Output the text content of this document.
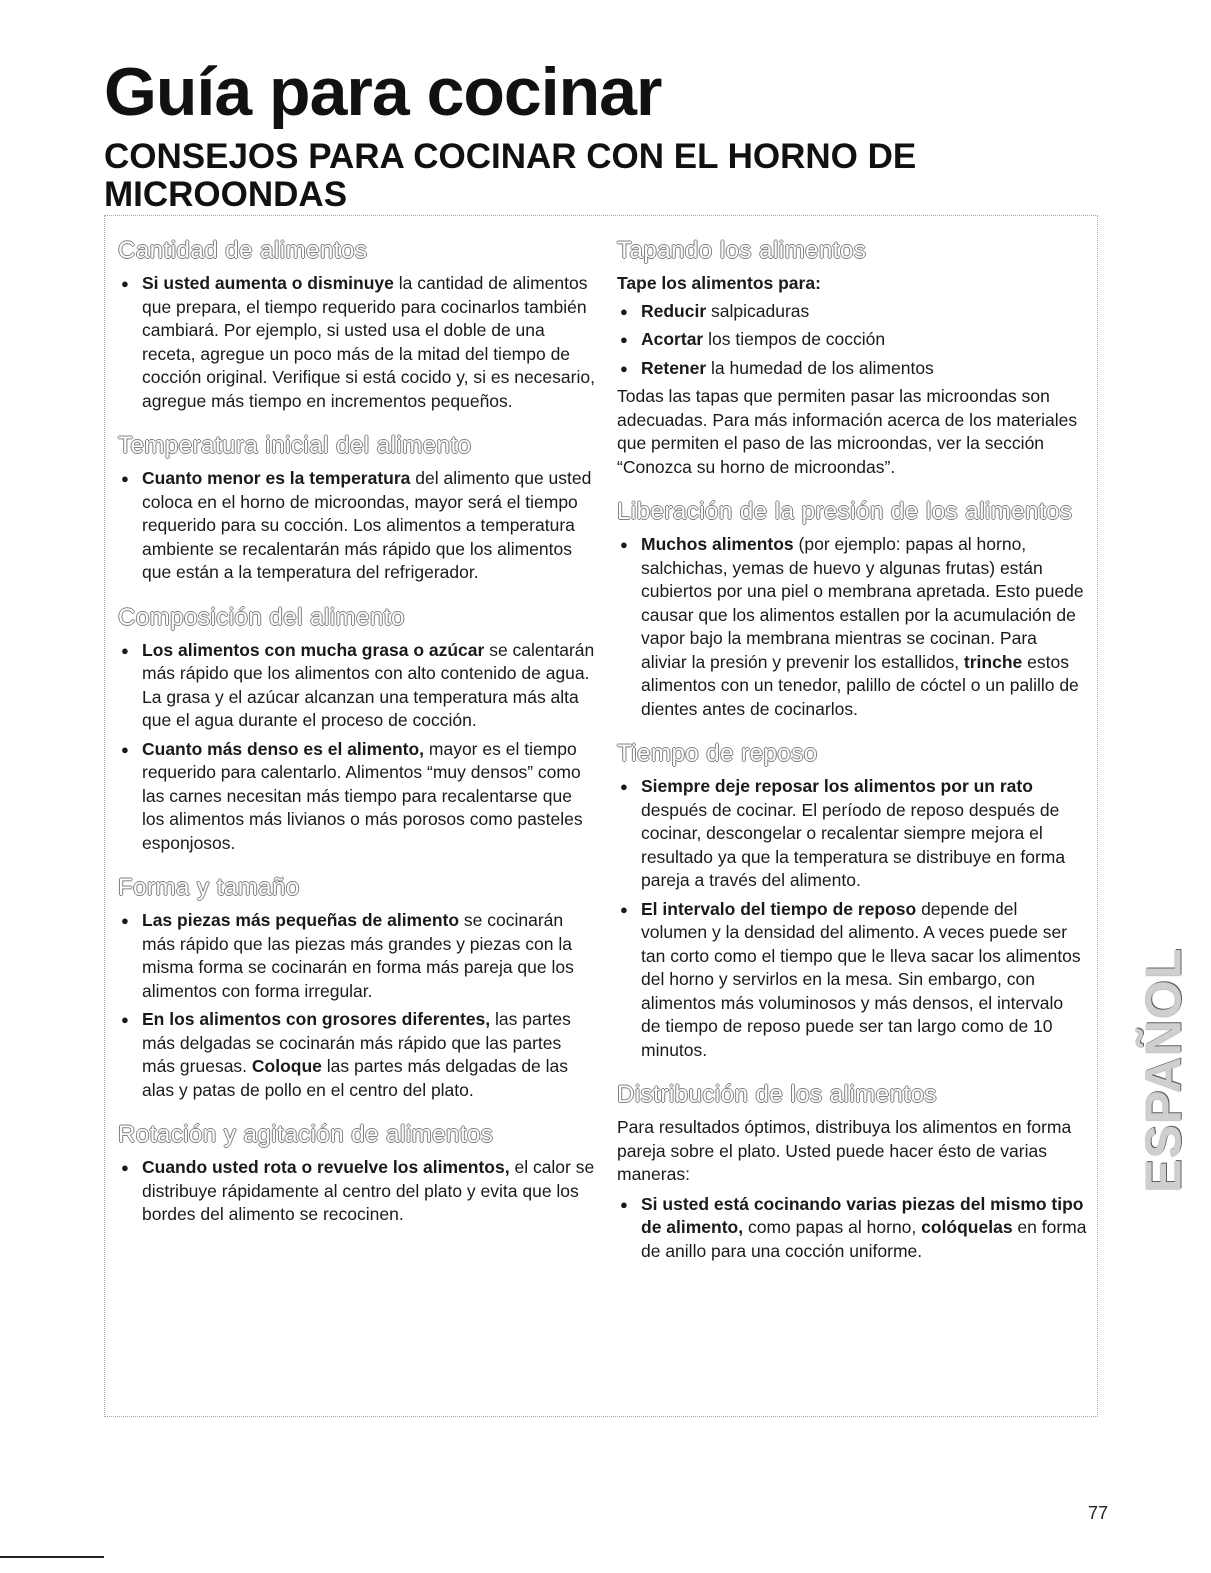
Guía para cocinar
CONSEJOS PARA COCINAR CON EL HORNO DE MICROONDAS
Cantidad de alimentos
● Si usted aumenta o disminuye la cantidad de alimentos que prepara, el tiempo requerido para cocinarlos también cambiará. Por ejemplo, si usted usa el doble de una receta, agregue un poco más de la mitad del tiempo de cocción original. Verifique si está cocido y, si es necesario, agregue más tiempo en incrementos pequeños.
Temperatura inicial del alimento
● Cuanto menor es la temperatura del alimento que usted coloca en el horno de microondas, mayor será el tiempo requerido para su cocción. Los alimentos a temperatura ambiente se recalentarán más rápido que los alimentos que están a la temperatura del refrigerador.
Composición del alimento
● Los alimentos con mucha grasa o azúcar se calentarán más rápido que los alimentos con alto contenido de agua. La grasa y el azúcar alcanzan una temperatura más alta que el agua durante el proceso de cocción.
● Cuanto más denso es el alimento, mayor es el tiempo requerido para calentarlo. Alimentos “muy densos” como las carnes necesitan más tiempo para recalentarse que los alimentos más livianos o más porosos como pasteles esponjosos.
Forma y tamaño
● Las piezas más pequeñas de alimento se cocinarán más rápido que las piezas más grandes y piezas con la misma forma se cocinarán en forma más pareja que los alimentos con forma irregular.
● En los alimentos con grosores diferentes, las partes más delgadas se cocinarán más rápido que las partes más gruesas. Coloque las partes más delgadas de las alas y patas de pollo en el centro del plato.
Rotación y agitación de alimentos
● Cuando usted rota o revuelve los alimentos, el calor se distribuye rápidamente al centro del plato y evita que los bordes del alimento se recocinen.
Tapando los alimentos

Tape los alimentos para:

● Reducir salpicaduras
● Acortar los tiempos de cocción
● Retener la humedad de los alimentos

Todas las tapas que permiten pasar las microondas son adecuadas. Para más información acerca de los materiales que permiten el paso de las microondas, ver la sección “Conozca su horno de microondas”.

Liberación de la presión de los alimentos
● Muchos alimentos (por ejemplo: papas al horno, salchichas, yemas de huevo y algunas frutas) están cubiertos por una piel o membrana apretada. Esto puede causar que los alimentos estallen por la acumulación de vapor bajo la membrana mientras se cocinan. Para aliviar la presión y prevenir los estallidos, trinche estos alimentos con un tenedor, palillo de cóctel o un palillo de dientes antes de cocinarlos.
Tiempo de reposo
● Siempre deje reposar los alimentos por un rato después de cocinar. El período de reposo después de cocinar, descongelar o recalentar siempre mejora el resultado ya que la temperatura se distribuye en forma pareja a través del alimento.
● El intervalo del tiempo de reposo depende del volumen y la densidad del alimento. A veces puede ser tan corto como el tiempo que le lleva sacar los alimentos del horno y servirlos en la mesa. Sin embargo, con alimentos más voluminosos y más densos, el intervalo de tiempo de reposo puede ser tan largo como de 10 minutos.
Distribución de los alimentos

Para resultados óptimos, distribuya los alimentos en forma pareja sobre el plato. Usted puede hacer ésto de varias maneras:

● Si usted está cocinando varias piezas del mismo tipo de alimento, como papas al horno, colóquelas en forma de anillo para una cocción uniforme.
ESPAÑOL
77
